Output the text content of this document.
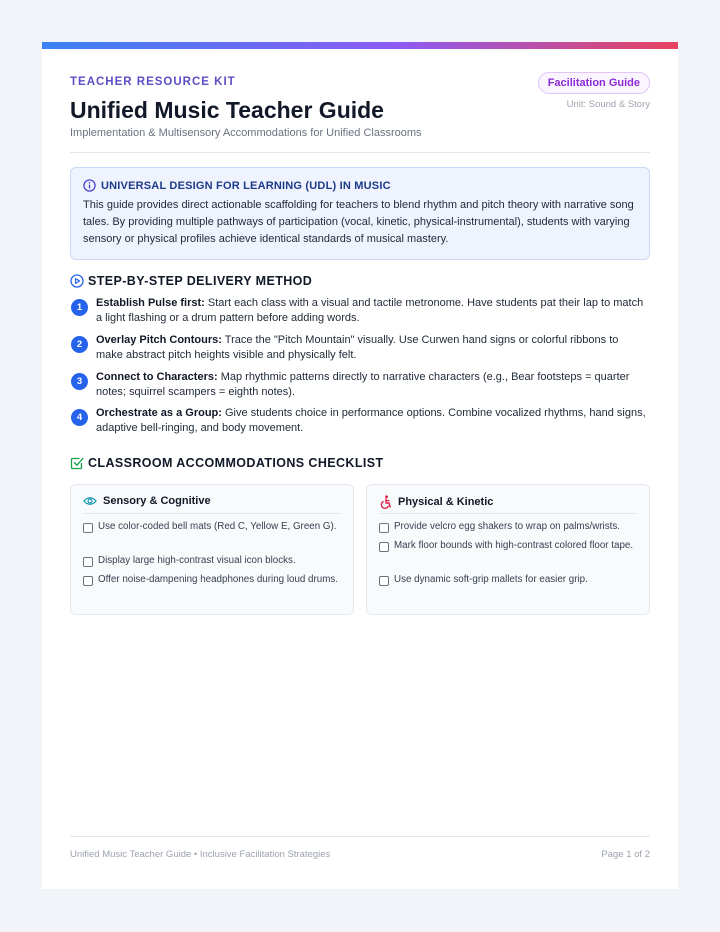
TEACHER RESOURCE KIT
Unified Music Teacher Guide
Implementation & Multisensory Accommodations for Unified Classrooms
Facilitation Guide
Unit: Sound & Story
UNIVERSAL DESIGN FOR LEARNING (UDL) IN MUSIC
This guide provides direct actionable scaffolding for teachers to blend rhythm and pitch theory with narrative song tales. By providing multiple pathways of participation (vocal, kinetic, physical-instrumental), students with varying sensory or physical profiles achieve identical standards of musical mastery.
STEP-BY-STEP DELIVERY METHOD
1	Establish Pulse first: Start each class with a visual and tactile metronome. Have students pat their lap to match a light flashing or a drum pattern before adding words.
2	Overlay Pitch Contours: Trace the "Pitch Mountain" visually. Use Curwen hand signs or colorful ribbons to make abstract pitch heights visible and physically felt.
3	Connect to Characters: Map rhythmic patterns directly to narrative characters (e.g., Bear footsteps = quarter notes; squirrel scampers = eighth notes).
4	Orchestrate as a Group: Give students choice in performance options. Combine vocalized rhythms, hand signs, adaptive bell-ringing, and body movement.
CLASSROOM ACCOMMODATIONS CHECKLIST
Sensory & Cognitive
Use color-coded bell mats (Red C, Yellow E, Green G).
Display large high-contrast visual icon blocks.
Offer noise-dampening headphones during loud drums.
Physical & Kinetic
Provide velcro egg shakers to wrap on palms/wrists.
Mark floor bounds with high-contrast colored floor tape.
Use dynamic soft-grip mallets for easier grip.
Unified Music Teacher Guide • Inclusive Facilitation Strategies	Page 1 of 2
